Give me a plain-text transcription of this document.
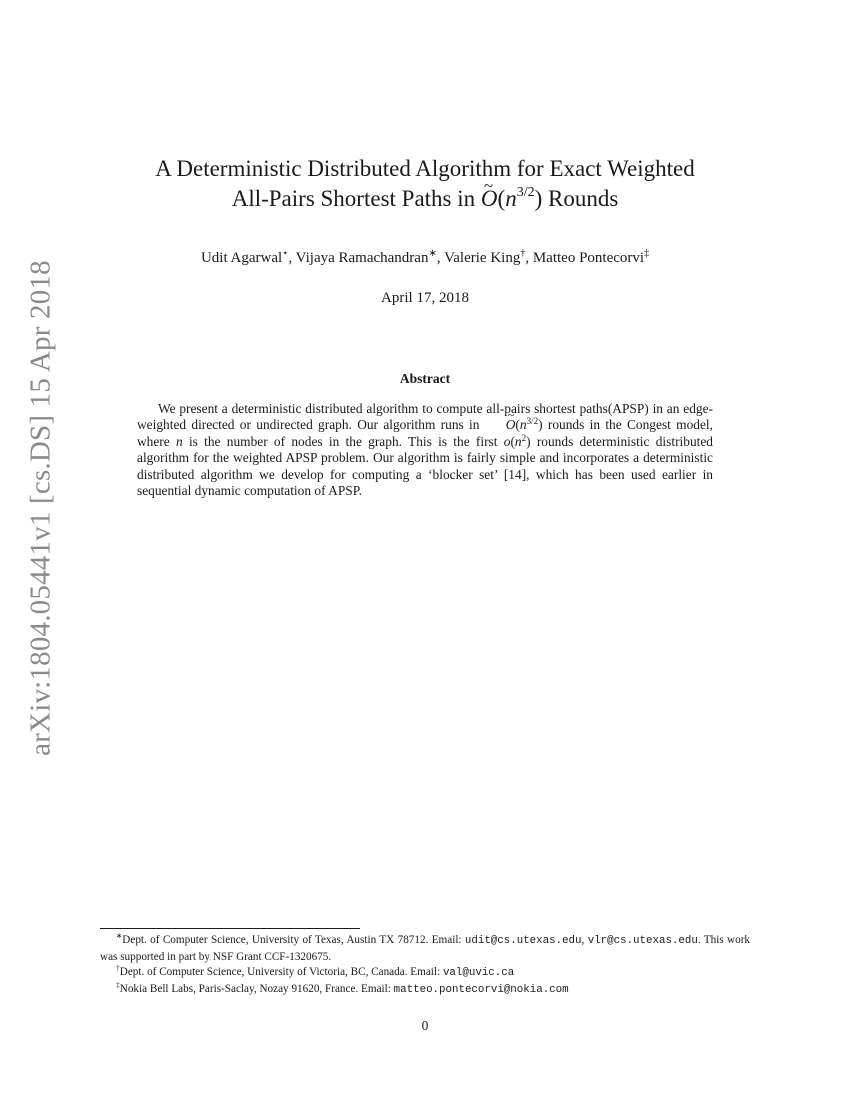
arXiv:1804.05441v1 [cs.DS] 15 Apr 2018
A Deterministic Distributed Algorithm for Exact Weighted
All-Pairs Shortest Paths in ~ $O(n^{3/2})$ Rounds
Udit Agarwal⋆, Vijaya Ramachandran∗, Valerie King†, Matteo Pontecorvi‡
April 17, 2018
Abstract

We present a deterministic distributed algorithm to compute all-pairs shortest paths(APSP) in an edge-weighted directed or undirected graph. Our algorithm runs in ~ $O(n^{3/2})$ rounds in the Congest model, where n is the number of nodes in the graph. This is the first $o(n^2)$ rounds deterministic distributed algorithm for the weighted APSP problem. Our algorithm is fairly simple and incorporates a deterministic distributed algorithm we develop for computing a ‘blocker set’ [14], which has been used earlier in sequential dynamic computation of APSP.

∗Dept. of Computer Science, University of Texas, Austin TX 78712. Email: udit@cs.utexas.edu, vlr@cs.utexas.edu. This work was supported in part by NSF Grant CCF-1320675.

†Dept. of Computer Science, University of Victoria, BC, Canada. Email: val@uvic.ca

‡Nokia Bell Labs, Paris-Saclay, Nozay 91620, France. Email: matteo.pontecorvi@nokia.com

0
